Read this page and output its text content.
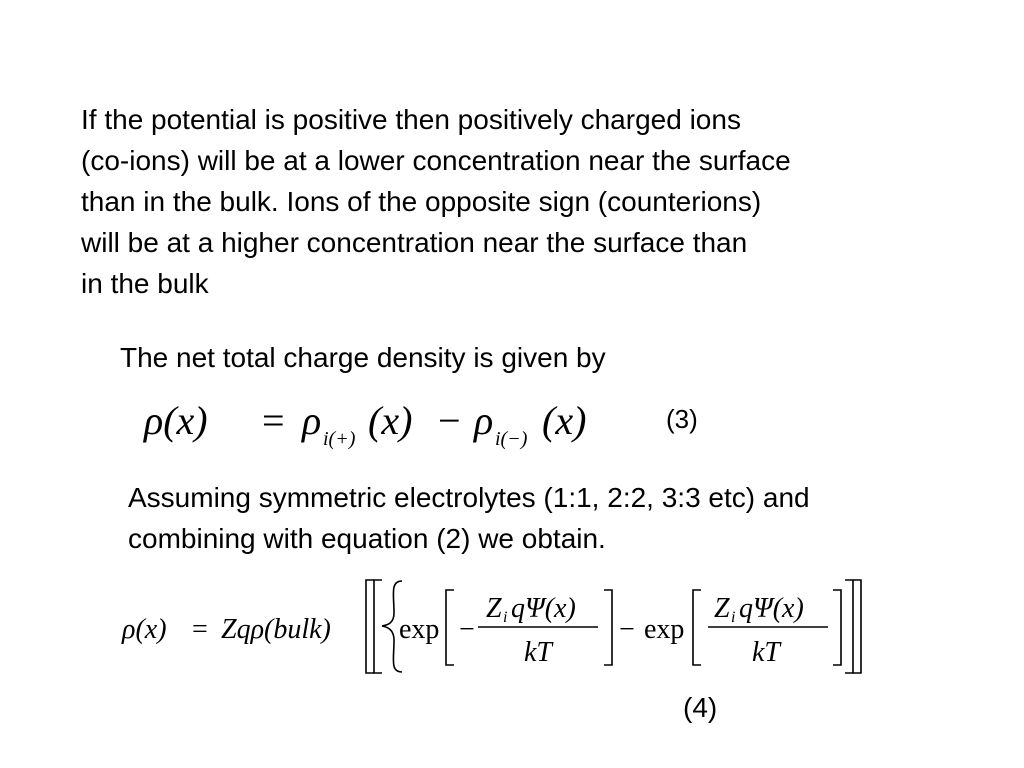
If the potential is positive then positively charged ions
(co-ions) will be at a lower concentration near the surface
than in the bulk. Ions of the opposite sign (counterions)
will be at a higher concentration near the surface than
in the bulk
The net total charge density is given by
ρ(x) = ρ i(+) (x) − ρ i(−) (x)	(3)
Assuming symmetric electrolytes (1:1, 2:2, 3:3 etc) and
combining with equation (2) we obtain.
ρ(x) = Zqρ(bulk) exp −
Z i qΨ(x)
kT
− exp
Z i qΨ(x)
kT
(4)
